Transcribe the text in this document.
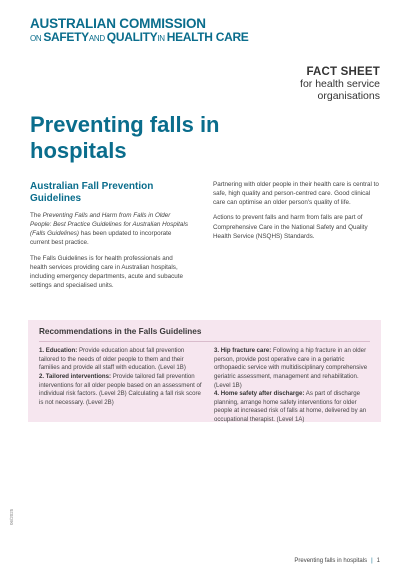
AUSTRALIAN COMMISSION
ON SAFETYAND QUALITYIN HEALTH CARE
FACT SHEET
for health service
organisations
Preventing falls in
hospitals
Australian Fall Prevention
Guidelines

The Preventing Falls and Harm from Falls in Older People: Best Practice Guidelines for Australian Hospitals (Falls Guidelines) has been updated to incorporate current best practice.

The Falls Guidelines is for health professionals and health services providing care in Australian hospitals, including emergency departments, acute and subacute settings and specialised units.

Partnering with older people in their health care is central to safe, high quality and person-centred care. Good clinical care can optimise an older person's quality of life.

Actions to prevent falls and harm from falls are part of Comprehensive Care in the National Safety and Quality Health Service (NSQHS) Standards.

Recommendations in the Falls Guidelines
1. Education: Provide education about fall prevention tailored to the needs of older people to them and their families and provide all staff with education. (Level 1B)
2. Tailored interventions: Provide tailored fall prevention interventions for all older people based on an assessment of individual risk factors. (Level 2B) Calculating a fall risk score is not necessary. (Level 2B)
3. Hip fracture care: Following a hip fracture in an older person, provide post operative care in a geriatric orthopaedic service with multidisciplinary comprehensive geriatric assessment, management and rehabilitation. (Level 1B)
4. Home safety after discharge: As part of discharge planning, arrange home safety interventions for older people at increased risk of falls at home, delivered by an occupational therapist. (Level 1A)
06/2025
Preventing falls in hospitals | 1
